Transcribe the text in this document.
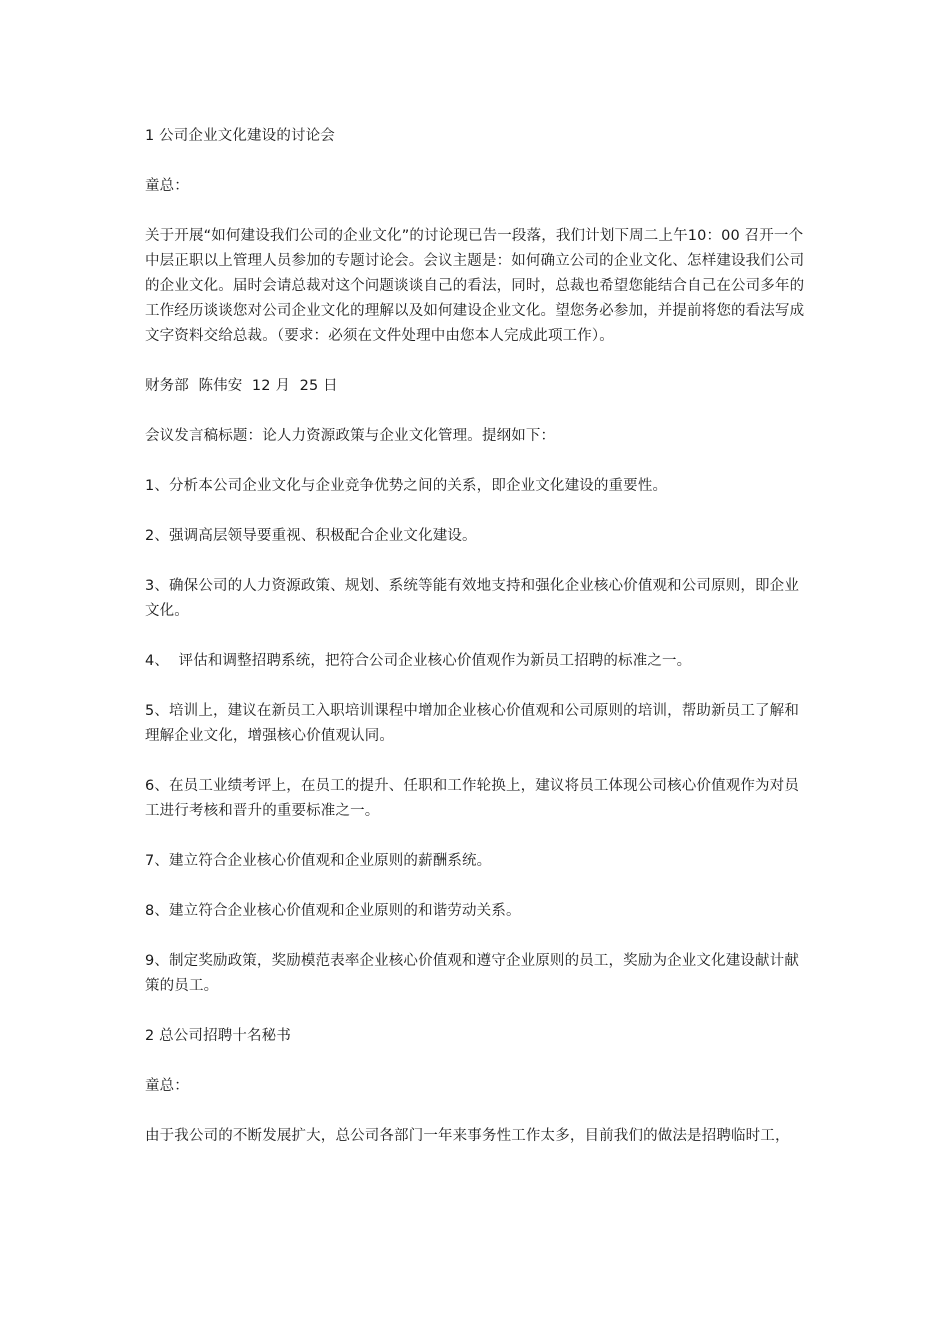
1 公司企业文化建设的讨论会

童总：

关于开展“如何建设我们公司的企业文化”的讨论现已告一段落，我们计划下周二上午10：00 召开一个中层正职以上管理人员参加的专题讨论会。会议主题是：如何确立公司的企业文化、怎样建设我们公司的企业文化。届时会请总裁对这个问题谈谈自己的看法，同时，总裁也希望您能结合自己在公司多年的工作经历谈谈您对公司企业文化的理解以及如何建设企业文化。望您务必参加，并提前将您的看法写成文字资料交给总裁。（要求：必须在文件处理中由您本人完成此项工作）。

财务部  陈伟安  12 月  25 日

会议发言稿标题：论人力资源政策与企业文化管理。提纲如下：

1、分析本公司企业文化与企业竞争优势之间的关系，即企业文化建设的重要性。

2、强调高层领导要重视、积极配合企业文化建设。

3、确保公司的人力资源政策、规划、系统等能有效地支持和强化企业核心价值观和公司原则，即企业文化。

4、  评估和调整招聘系统，把符合公司企业核心价值观作为新员工招聘的标准之一。

5、培训上，建议在新员工入职培训课程中增加企业核心价值观和公司原则的培训，帮助新员工了解和理解企业文化，增强核心价值观认同。

6、在员工业绩考评上，在员工的提升、任职和工作轮换上，建议将员工体现公司核心价值观作为对员工进行考核和晋升的重要标准之一。

7、建立符合企业核心价值观和企业原则的薪酬系统。

8、建立符合企业核心价值观和企业原则的和谐劳动关系。

9、制定奖励政策，奖励模范表率企业核心价值观和遵守企业原则的员工，奖励为企业文化建设献计献策的员工。

2 总公司招聘十名秘书

童总：

由于我公司的不断发展扩大，总公司各部门一年来事务性工作太多，目前我们的做法是招聘临时工，
